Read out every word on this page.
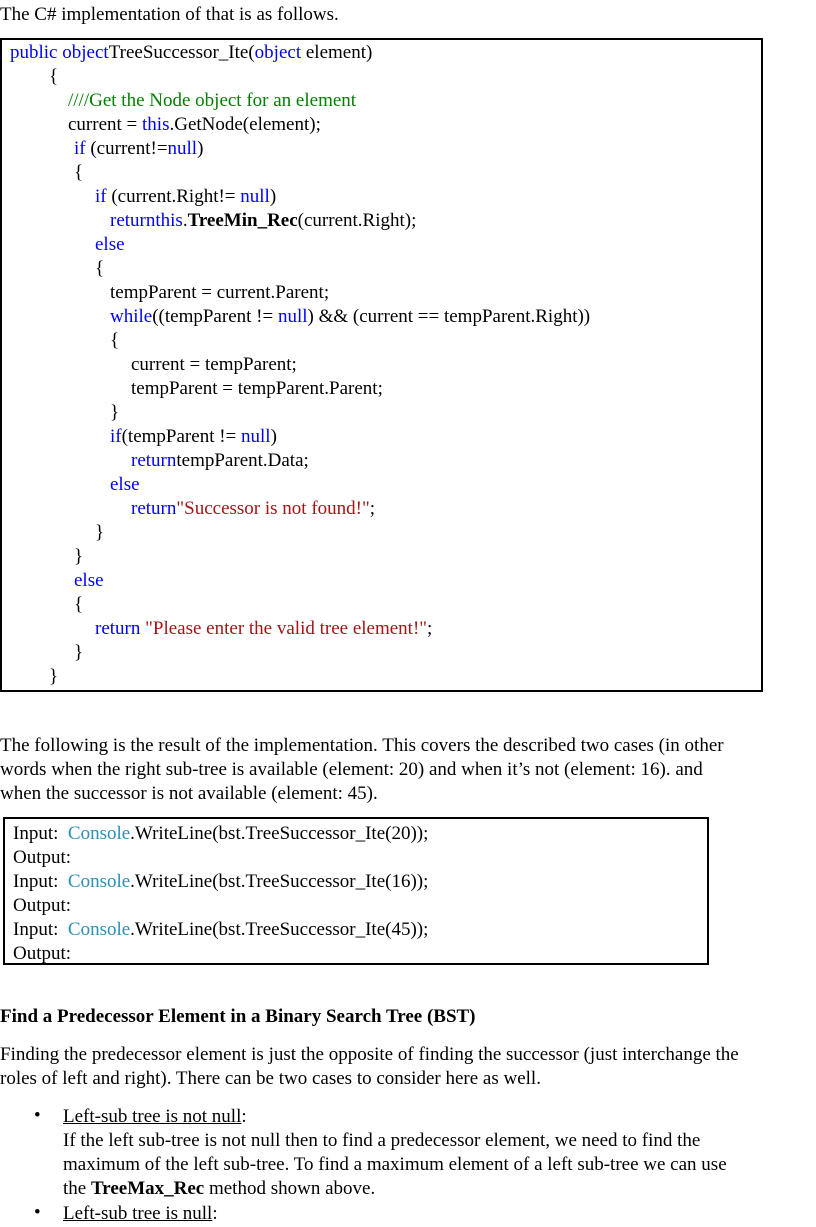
The C# implementation of that is as follows.
public objectTreeSuccessor_Ite(object element)
{
////Get the Node object for an element
current = this.GetNode(element);
if (current!=null)
{
if (current.Right!= null)
returnthis.TreeMin_Rec(current.Right);
else
{
tempParent = current.Parent;
while((tempParent != null) && (current == tempParent.Right))
{
current = tempParent;
tempParent = tempParent.Parent;
}
if(tempParent != null)
returntempParent.Data;
else
return"Successor is not found!";
}
}
else
{
return "Please enter the valid tree element!";
}
}
The following is the result of the implementation. This covers the described two cases (in other
words when the right sub-tree is available (element: 20) and when it’s not (element: 16). and
when the successor is not available (element: 45).
Input:  Console.WriteLine(bst.TreeSuccessor_Ite(20));
Output:
Input:  Console.WriteLine(bst.TreeSuccessor_Ite(16));
Output:
Input:  Console.WriteLine(bst.TreeSuccessor_Ite(45));
Output:
Find a Predecessor Element in a Binary Search Tree (BST)
Finding the predecessor element is just the opposite of finding the successor (just interchange the
roles of left and right). There can be two cases to consider here as well.
• Left-sub tree is not null:
If the left sub-tree is not null then to find a predecessor element, we need to find the
maximum of the left sub-tree. To find a maximum element of a left sub-tree we can use
the TreeMax_Rec method shown above.
• Left-sub tree is null:
